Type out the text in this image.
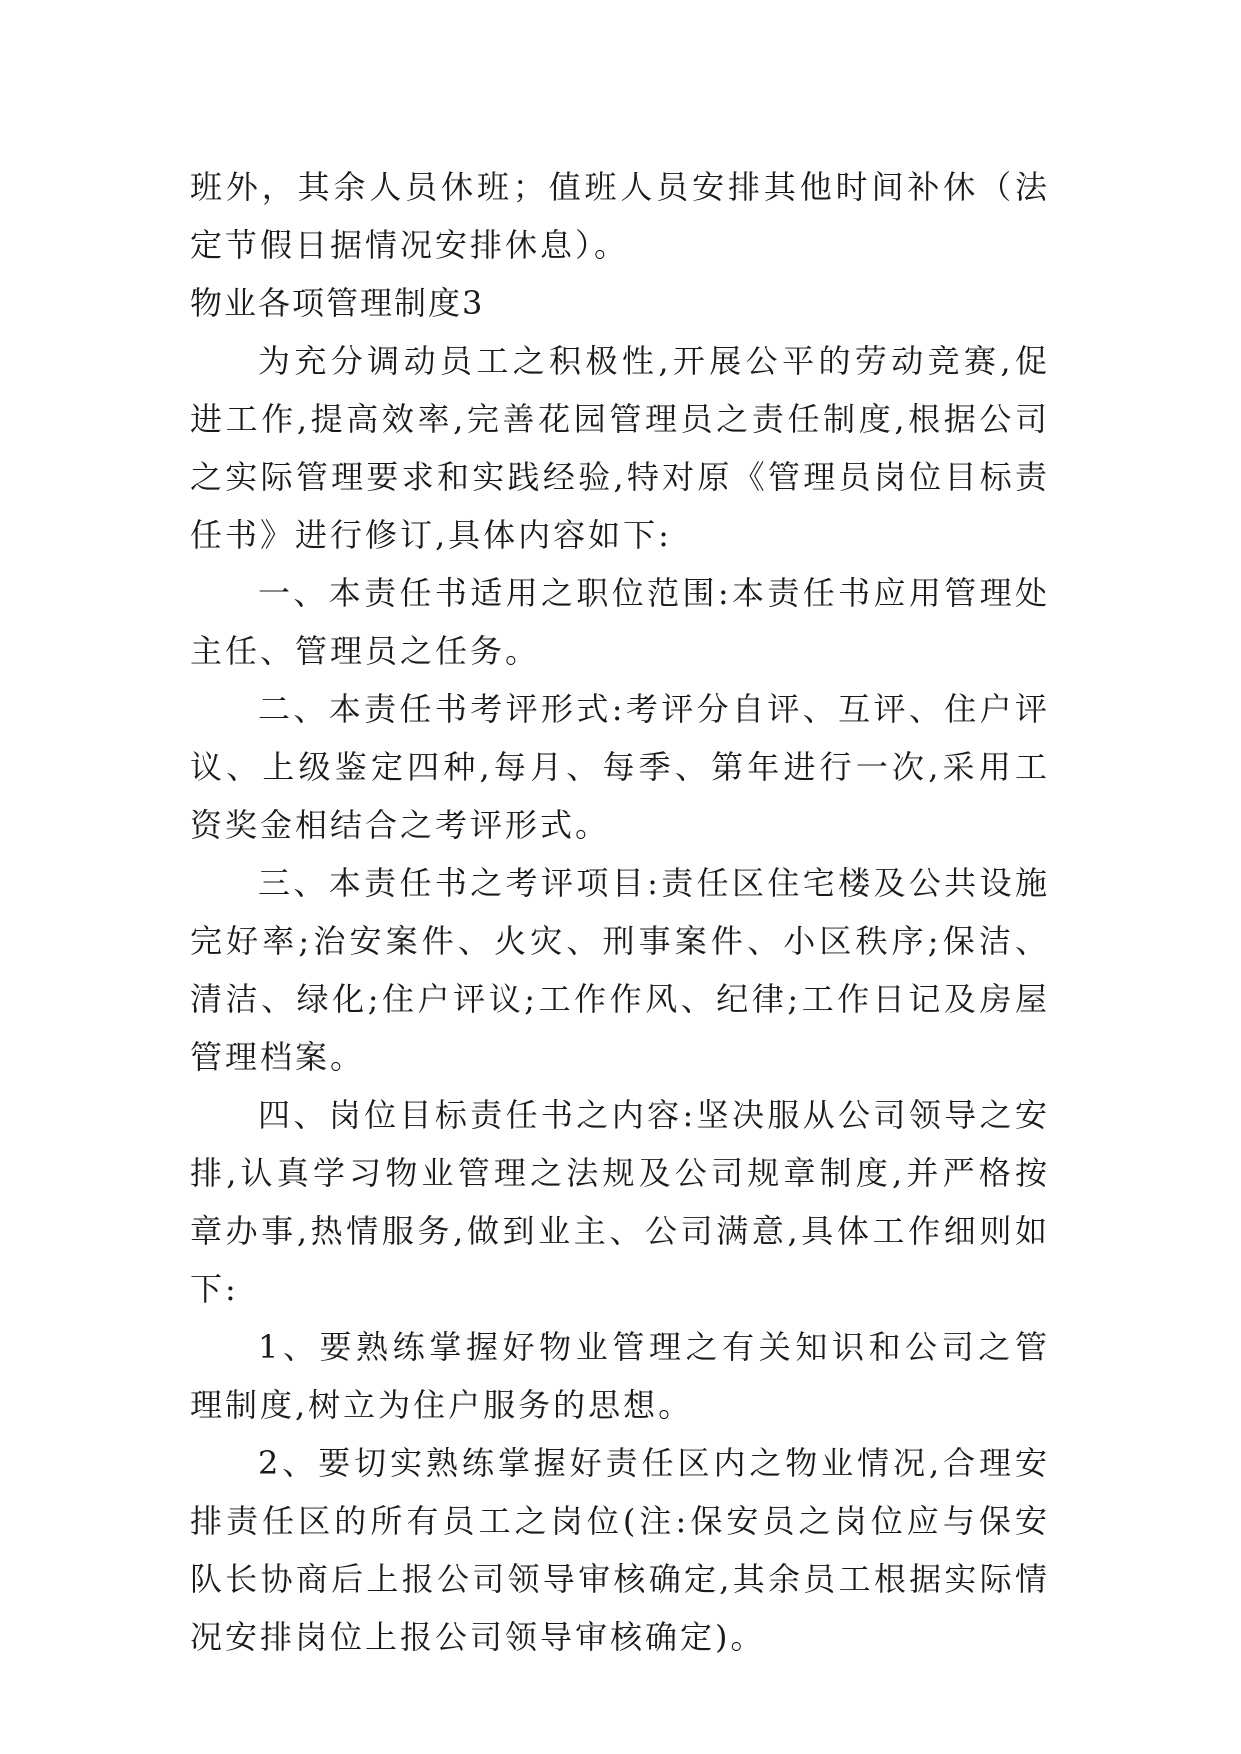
班外，其余人员休班；值班人员安排其他时间补休（法定节假日据情况安排休息）。

物业各项管理制度3

为充分调动员工之积极性,开展公平的劳动竞赛,促进工作,提高效率,完善花园管理员之责任制度,根据公司之实际管理要求和实践经验,特对原《管理员岗位目标责任书》进行修订,具体内容如下:

一、本责任书适用之职位范围:本责任书应用管理处主任、管理员之任务。

二、本责任书考评形式:考评分自评、互评、住户评议、上级鉴定四种,每月、每季、第年进行一次,采用工资奖金相结合之考评形式。

三、本责任书之考评项目:责任区住宅楼及公共设施完好率;治安案件、火灾、刑事案件、小区秩序;保洁、清洁、绿化;住户评议;工作作风、纪律;工作日记及房屋管理档案。

四、岗位目标责任书之内容:坚决服从公司领导之安排,认真学习物业管理之法规及公司规章制度,并严格按章办事,热情服务,做到业主、公司满意,具体工作细则如下:

1、要熟练掌握好物业管理之有关知识和公司之管理制度,树立为住户服务的思想。

2、要切实熟练掌握好责任区内之物业情况,合理安排责任区的所有员工之岗位(注:保安员之岗位应与保安队长协商后上报公司领导审核确定,其余员工根据实际情况安排岗位上报公司领导审核确定)。
